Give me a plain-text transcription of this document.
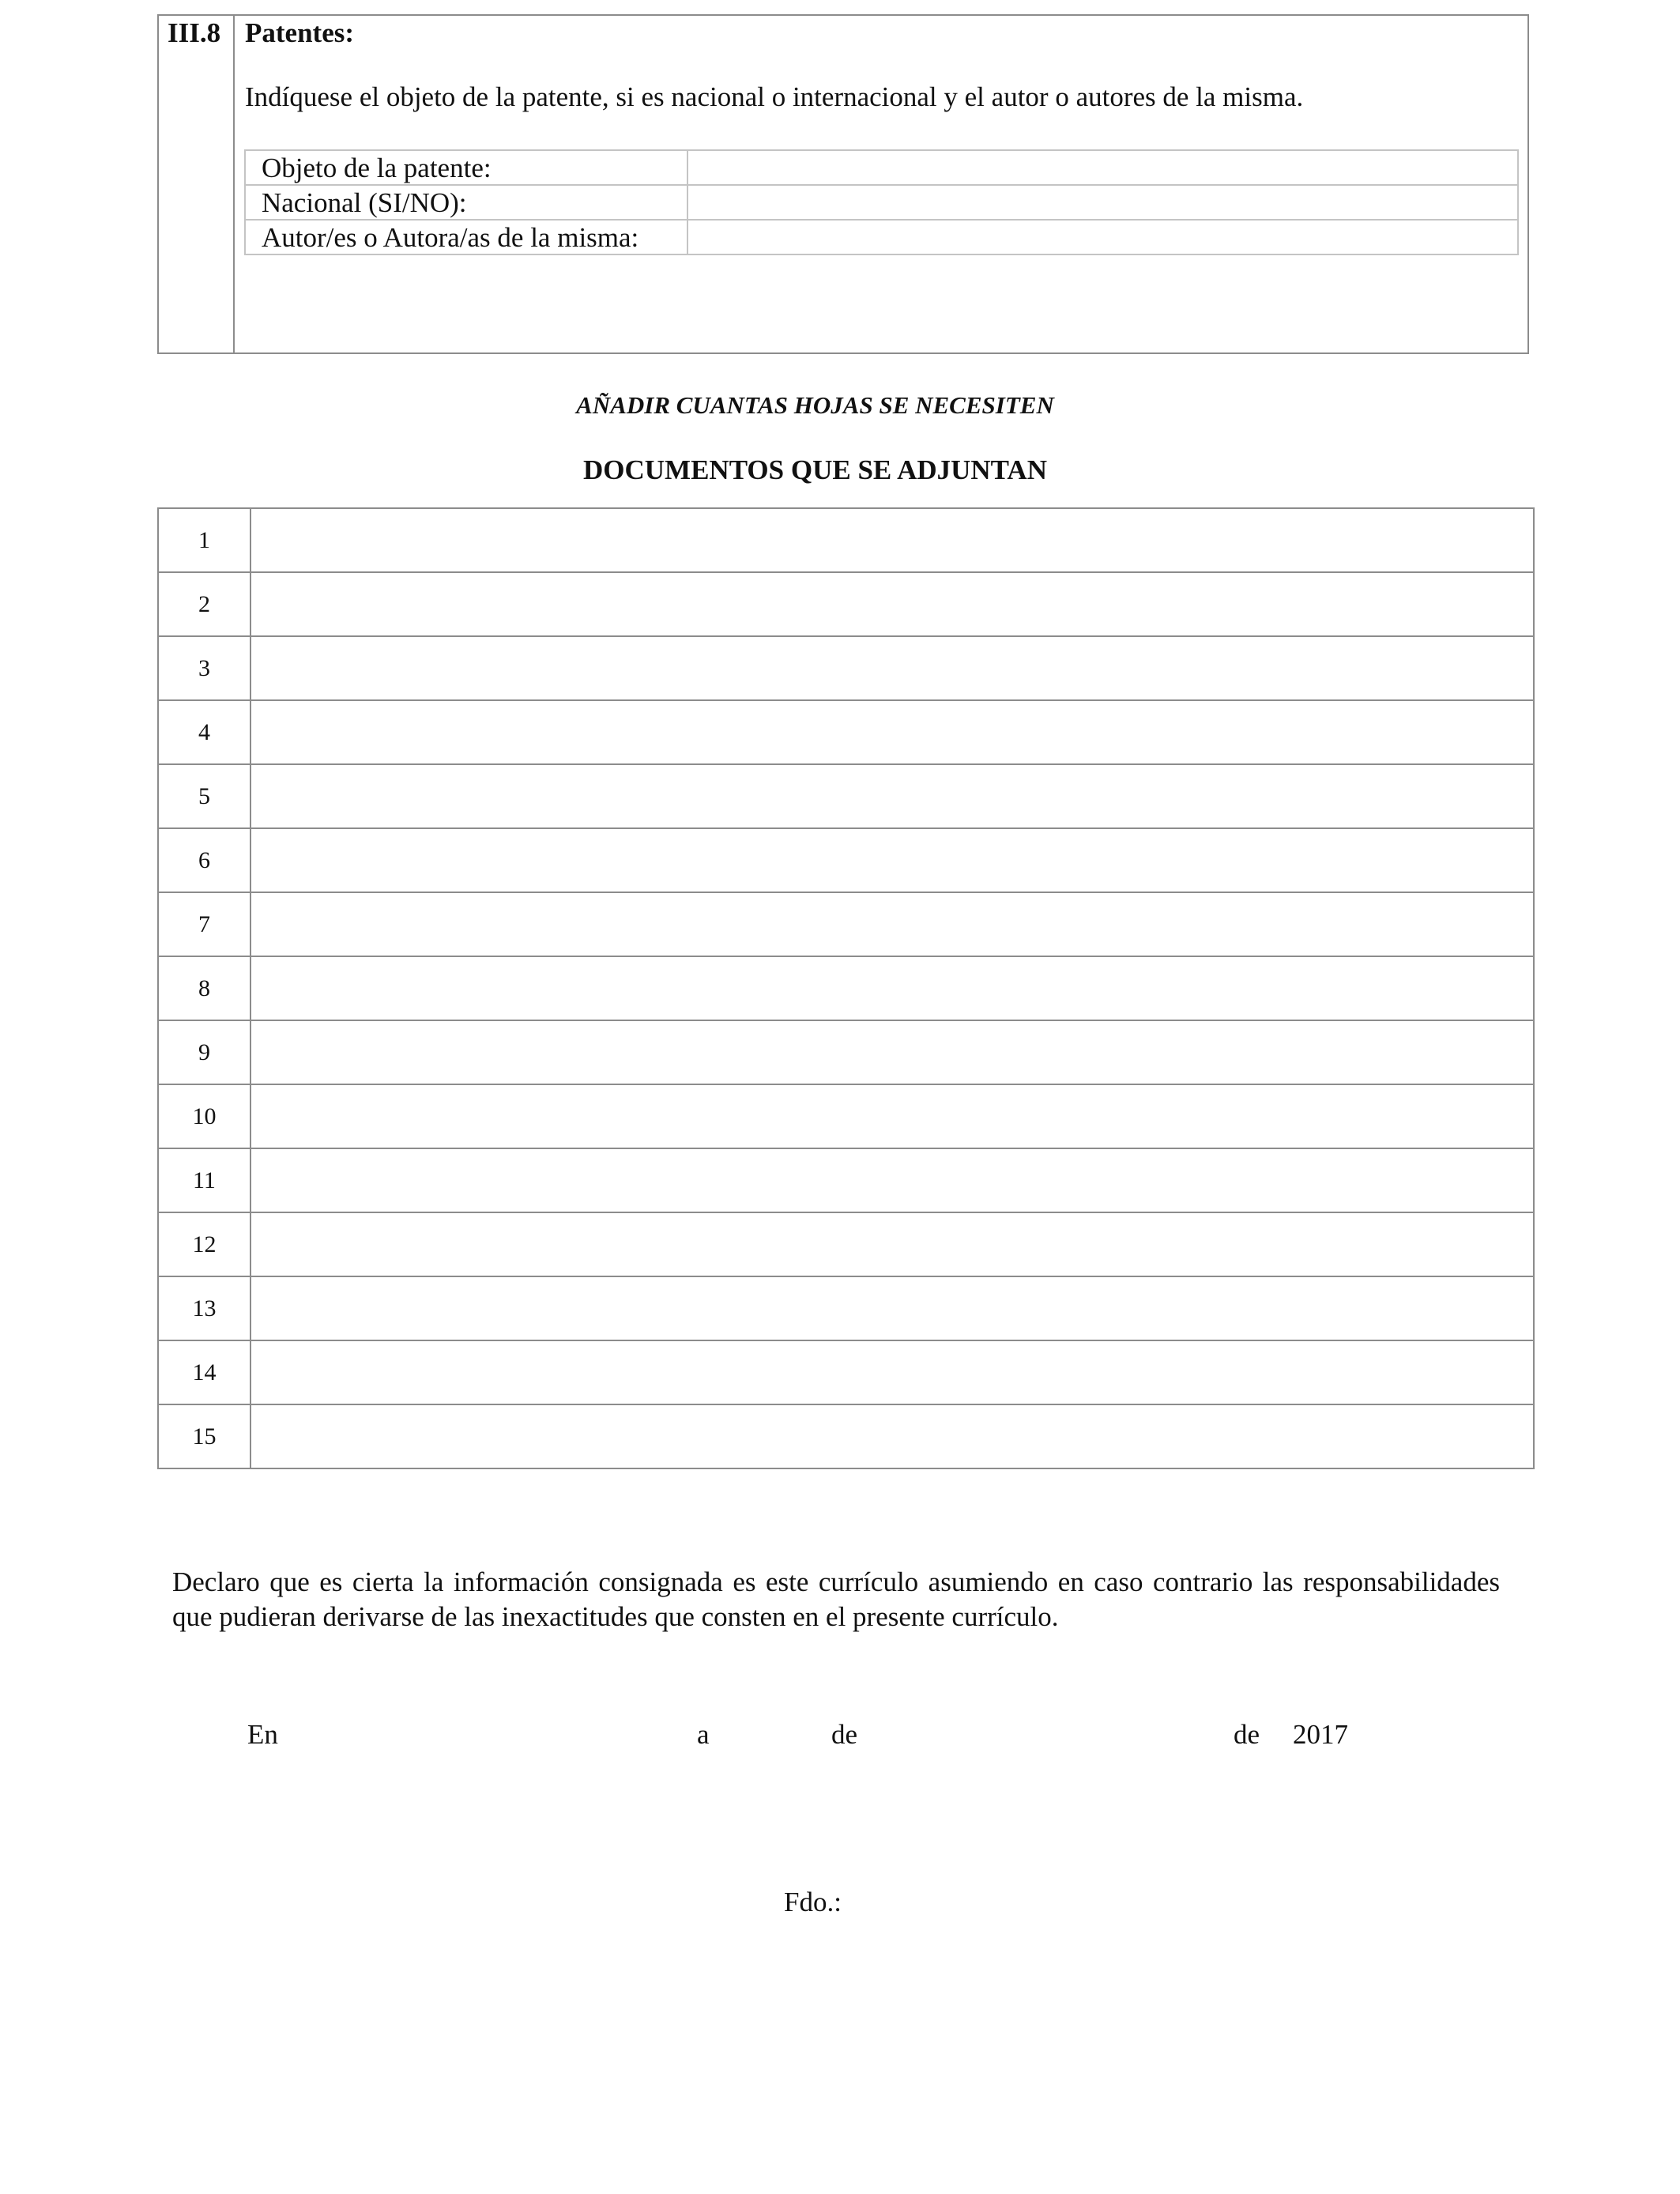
III.8 Patentes:
Indíquese el objeto de la patente, si es nacional o internacional y el autor o autores de la misma.
Objeto de la patente:	
Nacional (SI/NO):	
Autor/es o Autora/as de la misma:	
AÑADIR CUANTAS HOJAS SE NECESITEN
DOCUMENTOS QUE SE ADJUNTAN
1	
2	
3	
4	
5	
6	
7	
8	
9	
10	
11	
12	
13	
14	
15	
Declaro que es cierta la información consignada es este currículo asumiendo en caso contrario las responsabilidades que pudieran derivarse de las inexactitudes que consten en el presente currículo.
En	a	de	de 2017
Fdo.:
